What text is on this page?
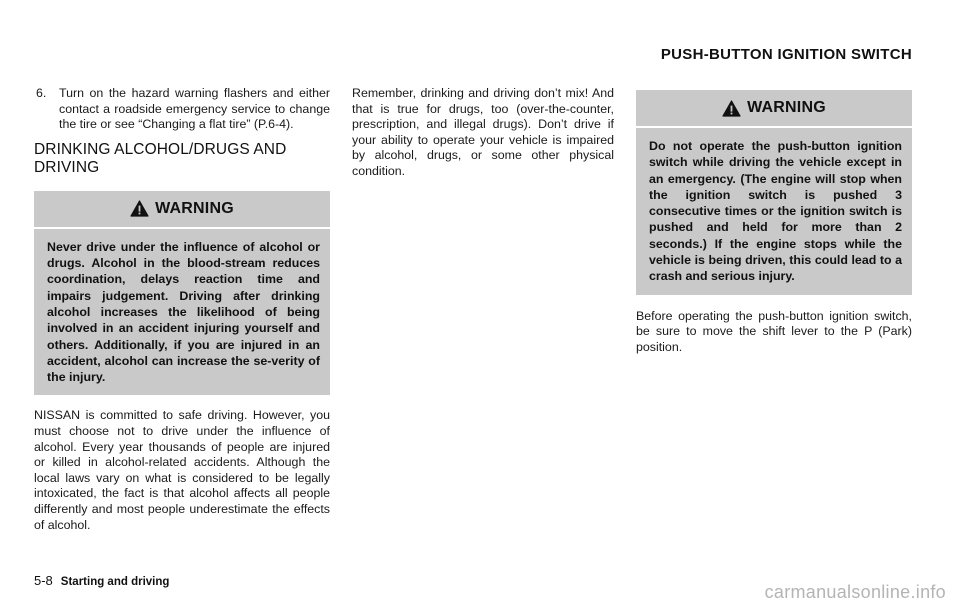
PUSH-BUTTON IGNITION SWITCH
6.	Turn on the hazard warning flashers and either contact a roadside emergency service to change the tire or see “Changing a flat tire” (P.6-4).
DRINKING ALCOHOL/DRUGS AND DRIVING
WARNING
Never drive under the influence of alcohol or drugs. Alcohol in the blood-stream reduces coordination, delays reaction time and impairs judgement. Driving after drinking alcohol increases the likelihood of being involved in an accident injuring yourself and others. Additionally, if you are injured in an accident, alcohol can increase the se-verity of the injury.

NISSAN is committed to safe driving. However, you must choose not to drive under the influence of alcohol. Every year thousands of people are injured or killed in alcohol-related accidents. Although the local laws vary on what is considered to be legally intoxicated, the fact is that alcohol affects all people differently and most people underestimate the effects of alcohol.

Remember, drinking and driving don’t mix! And that is true for drugs, too (over-the-counter, prescription, and illegal drugs). Don’t drive if your ability to operate your vehicle is impaired by alcohol, drugs, or some other physical condition.

WARNING
Do not operate the push-button ignition switch while driving the vehicle except in an emergency. (The engine will stop when the ignition switch is pushed 3 consecutive times or the ignition switch is pushed and held for more than 2 seconds.) If the engine stops while the vehicle is being driven, this could lead to a crash and serious injury.

Before operating the push-button ignition switch, be sure to move the shift lever to the P (Park) position.

5-8 Starting and driving	carmanualsonline.info
